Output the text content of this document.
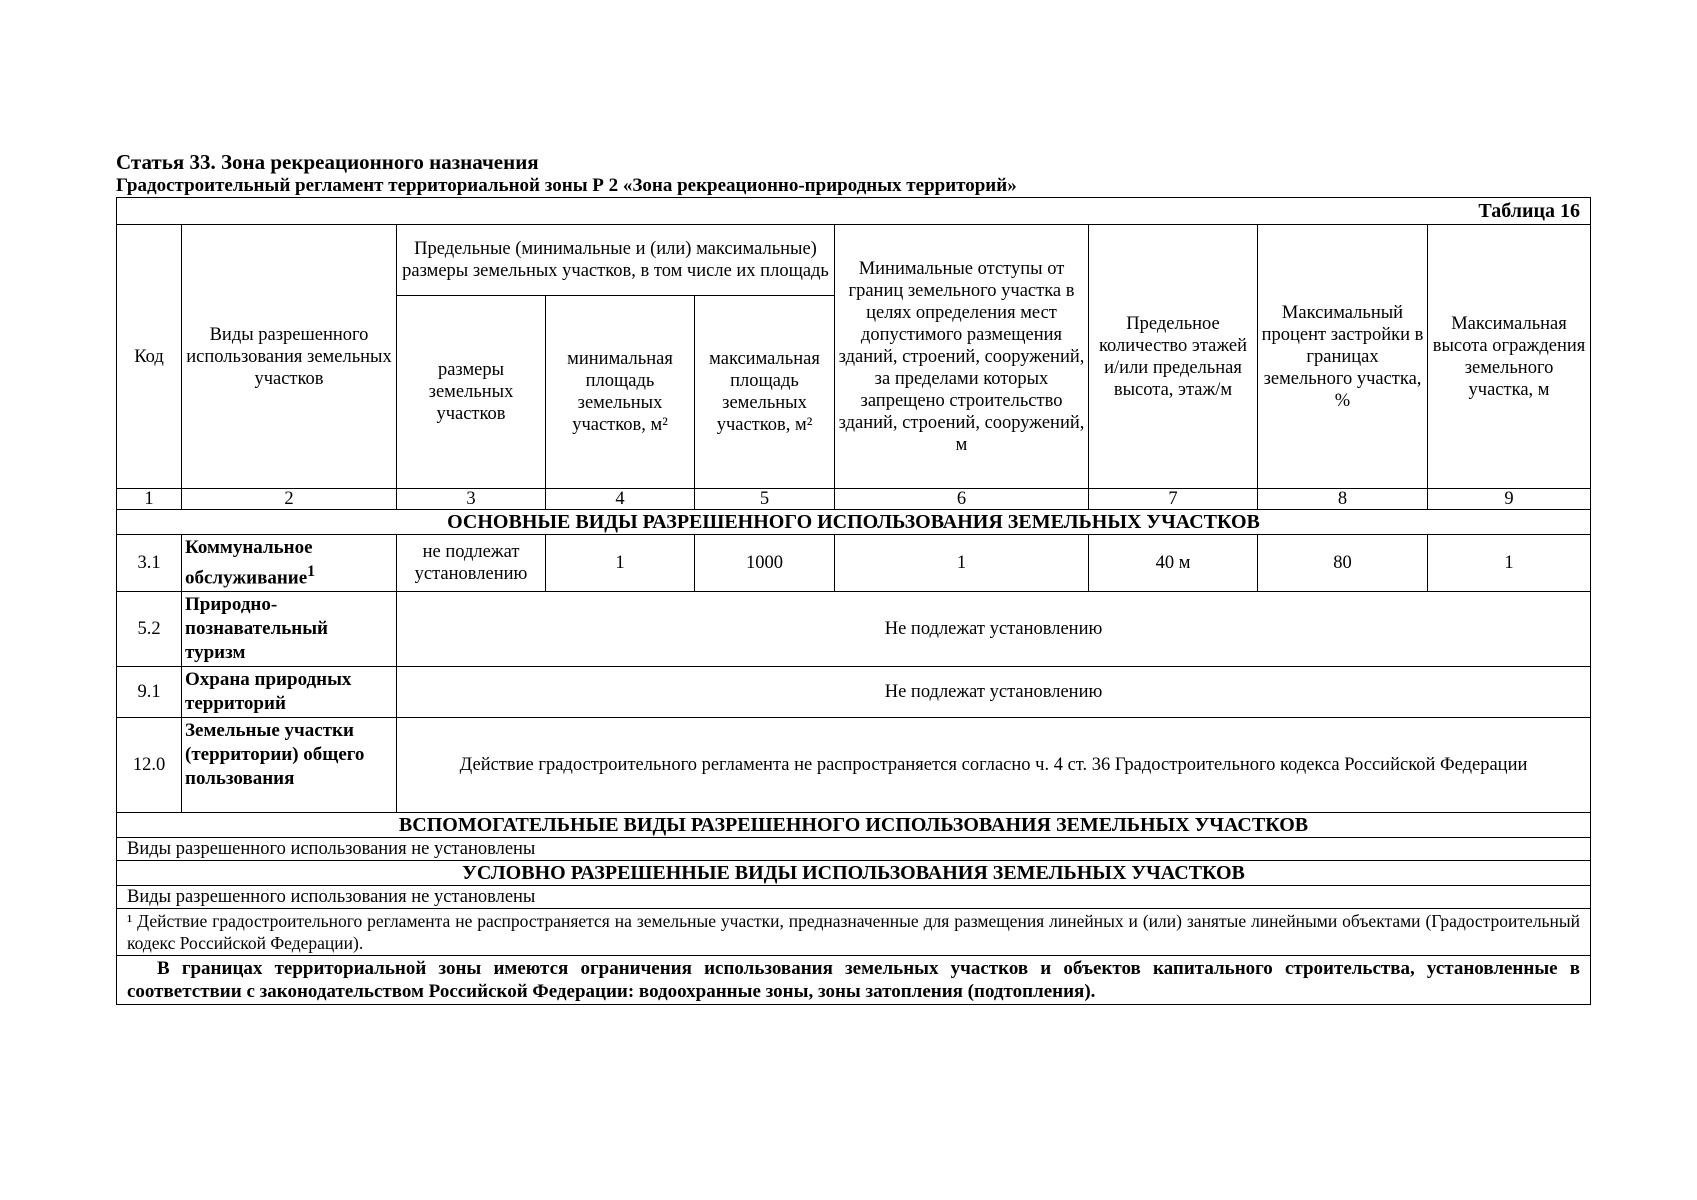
Статья 33. Зона рекреационного назначения
Градостроительный регламент территориальной зоны Р 2 «Зона рекреационно-природных территорий»
Таблица 16								
Код	Виды разрешенного использования земельных участков	Предельные (минимальные и (или) максимальные) размеры земельных участков, в том числе их площадь			Минимальные отступы от границ земельного участка в целях определения мест допустимого размещения зданий, строений, сооружений, за пределами которых запрещено строительство зданий, строений, сооружений, м	Предельное количество этажей и/или предельная высота, этаж/м	Максимальный процент застройки в границах земельного участка, %	Максимальная высота ограждения земельного участка, м
		размеры земельных участков	минимальная площадь земельных участков, м²	максимальная площадь земельных участков, м²				
1	2	3	4	5	6	7	8	9
ОСНОВНЫЕ ВИДЫ РАЗРЕШЕННОГО ИСПОЛЬЗОВАНИЯ ЗЕМЕЛЬНЫХ УЧАСТКОВ								
3.1	Коммунальное обслуживание$^1$	не подлежат установлению	1	1000	1	40 м	80	1
5.2	Природно-познавательный туризм	Не подлежат установлению						
9.1	Охрана природных территорий	Не подлежат установлению						
12.0	Земельные участки (территории) общего пользования	Действие градостроительного регламента не распространяется согласно ч. 4 ст. 36 Градостроительного кодекса Российской Федерации						
ВСПОМОГАТЕЛЬНЫЕ ВИДЫ РАЗРЕШЕННОГО ИСПОЛЬЗОВАНИЯ ЗЕМЕЛЬНЫХ УЧАСТКОВ								
Виды разрешенного использования не установлены								
УСЛОВНО РАЗРЕШЕННЫЕ ВИДЫ ИСПОЛЬЗОВАНИЯ ЗЕМЕЛЬНЫХ УЧАСТКОВ								
Виды разрешенного использования не установлены								
¹ Действие градостроительного регламента не распространяется на земельные участки, предназначенные для размещения линейных и (или) занятые линейными объектами (Градостроительный кодекс Российской Федерации).								
В границах территориальной зоны имеются ограничения использования земельных участков и объектов капитального строительства, установленные в соответствии с законодательством Российской Федерации: водоохранные зоны, зоны затопления (подтопления).								
